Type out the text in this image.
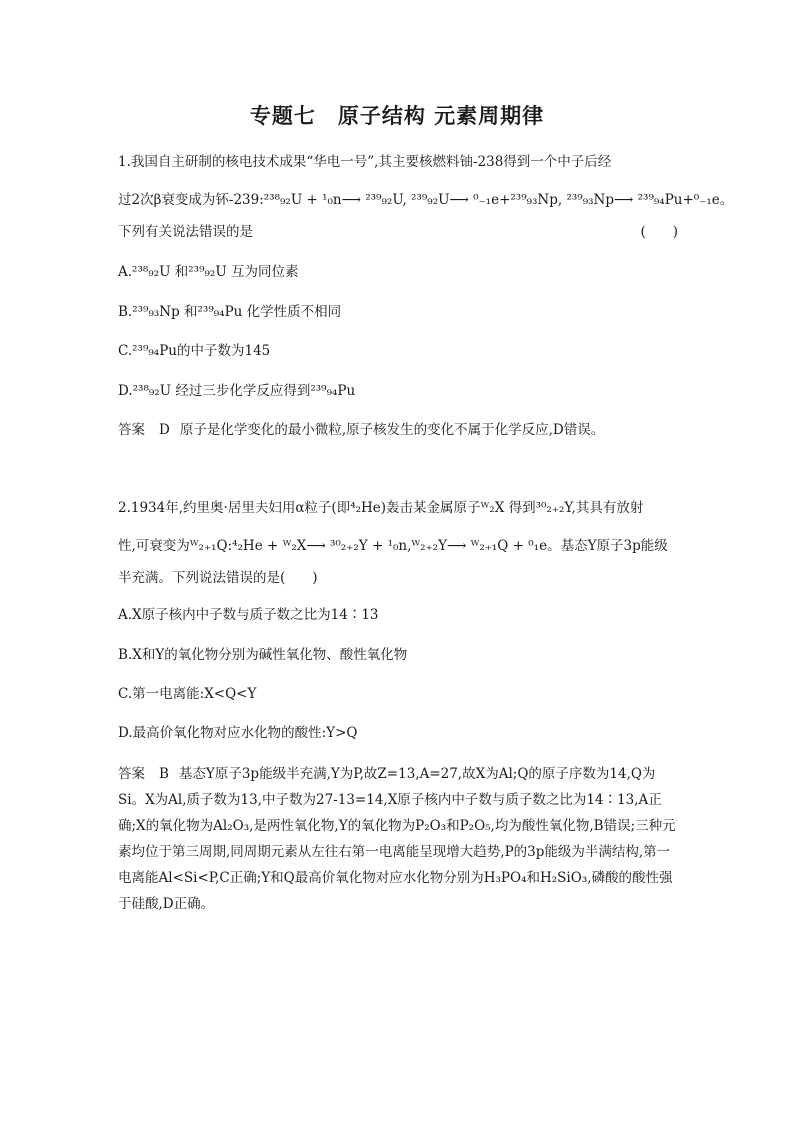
专题七　原子结构 元素周期律
1.我国自主研制的核电技术成果“华电一号”,其主要核燃料铀-238得到一个中子后经
过2次β衰变成为钚-239:²³⁸₉₂U + ¹₀n⟶ ²³⁹₉₂U, ²³⁹₉₂U⟶ ⁰₋₁e+²³⁹₉₃Np, ²³⁹₉₃Np⟶ ²³⁹₉₄Pu+⁰₋₁e。
下列有关说法错误的是	(　　)
A.²³⁸₉₂U 和²³⁹₉₂U 互为同位素
B.²³⁹₉₃Np 和²³⁹₉₄Pu 化学性质不相同
C.²³⁹₉₄Pu的中子数为145
D.²³⁸₉₂U 经过三步化学反应得到²³⁹₉₄Pu
答案 D 原子是化学变化的最小微粒,原子核发生的变化不属于化学反应,D错误。
2.1934年,约里奥·居里夫妇用α粒子(即⁴₂He)轰击某金属原子ᵂ₂X 得到³⁰₂₊₂Y,其具有放射
性,可衰变为ᵂ₂₊₁Q:⁴₂He + ᵂ₂X⟶ ³⁰₂₊₂Y + ¹₀n,ᵂ₂₊₂Y⟶ ᵂ₂₊₁Q + ⁰₁e。基态Y原子3p能级
半充满。下列说法错误的是(　　)
A.X原子核内中子数与质子数之比为14∶13
B.X和Y的氧化物分别为碱性氧化物、酸性氧化物
C.第一电离能:X<Q<Y
D.最高价氧化物对应水化物的酸性:Y>Q
答案 B 基态Y原子3p能级半充满,Y为P,故Z=13,A=27,故X为Al;Q的原子序数为14,Q为Si。X为Al,质子数为13,中子数为27-13=14,X原子核内中子数与质子数之比为14∶13,A正确;X的氧化物为Al₂O₃,是两性氧化物,Y的氧化物为P₂O₃和P₂O₅,均为酸性氧化物,B错误;三种元素均位于第三周期,同周期元素从左往右第一电离能呈现增大趋势,P的3p能级为半满结构,第一电离能Al<Si<P,C正确;Y和Q最高价氧化物对应水化物分别为H₃PO₄和H₂SiO₃,磷酸的酸性强于硅酸,D正确。
